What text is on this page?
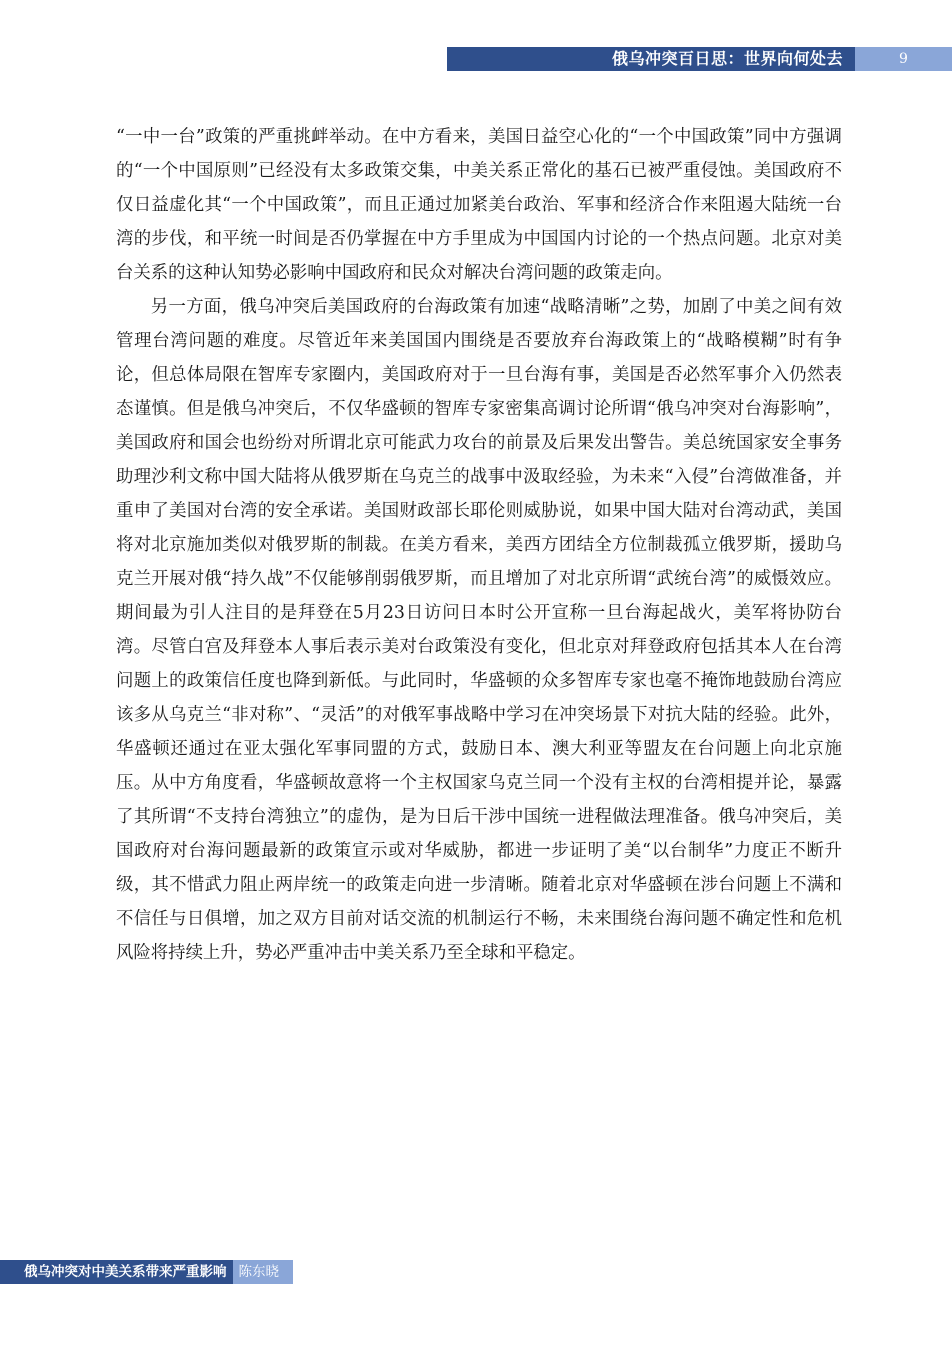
俄乌冲突百日思：世界向何处去	9

“一中一台”政策的严重挑衅举动。在中方看来，美国日益空心化的“一个中国政策”同中方强调的“一个中国原则”已经没有太多政策交集，中美关系正常化的基石已被严重侵蚀。美国政府不仅日益虚化其“一个中国政策”，而且正通过加紧美台政治、军事和经济合作来阻遏大陆统一台湾的步伐，和平统一时间是否仍掌握在中方手里成为中国国内讨论的一个热点问题。北京对美台关系的这种认知势必影响中国政府和民众对解决台湾问题的政策走向。

另一方面，俄乌冲突后美国政府的台海政策有加速“战略清晰”之势，加剧了中美之间有效管理台湾问题的难度。尽管近年来美国国内围绕是否要放弃台海政策上的“战略模糊”时有争论，但总体局限在智库专家圈内，美国政府对于一旦台海有事，美国是否必然军事介入仍然表态谨慎。但是俄乌冲突后，不仅华盛顿的智库专家密集高调讨论所谓“俄乌冲突对台海影响”，美国政府和国会也纷纷对所谓北京可能武力攻台的前景及后果发出警告。美总统国家安全事务助理沙利文称中国大陆将从俄罗斯在乌克兰的战事中汲取经验，为未来“入侵”台湾做准备，并重申了美国对台湾的安全承诺。美国财政部长耶伦则威胁说，如果中国大陆对台湾动武，美国将对北京施加类似对俄罗斯的制裁。在美方看来，美西方团结全方位制裁孤立俄罗斯，援助乌克兰开展对俄“持久战”不仅能够削弱俄罗斯，而且增加了对北京所谓“武统台湾”的威慑效应。期间最为引人注目的是拜登在5月23日访问日本时公开宣称一旦台海起战火，美军将协防台湾。尽管白宫及拜登本人事后表示美对台政策没有变化，但北京对拜登政府包括其本人在台湾问题上的政策信任度也降到新低。与此同时，华盛顿的众多智库专家也毫不掩饰地鼓励台湾应该多从乌克兰“非对称”、“灵活”的对俄军事战略中学习在冲突场景下对抗大陆的经验。此外，华盛顿还通过在亚太强化军事同盟的方式，鼓励日本、澳大利亚等盟友在台问题上向北京施压。从中方角度看，华盛顿故意将一个主权国家乌克兰同一个没有主权的台湾相提并论，暴露了其所谓“不支持台湾独立”的虚伪，是为日后干涉中国统一进程做法理准备。俄乌冲突后，美国政府对台海问题最新的政策宣示或对华威胁，都进一步证明了美“以台制华”力度正不断升级，其不惜武力阻止两岸统一的政策走向进一步清晰。随着北京对华盛顿在涉台问题上不满和不信任与日俱增，加之双方目前对话交流的机制运行不畅，未来围绕台海问题不确定性和危机风险将持续上升，势必严重冲击中美关系乃至全球和平稳定。

俄乌冲突对中美关系带来严重影响 陈东晓
